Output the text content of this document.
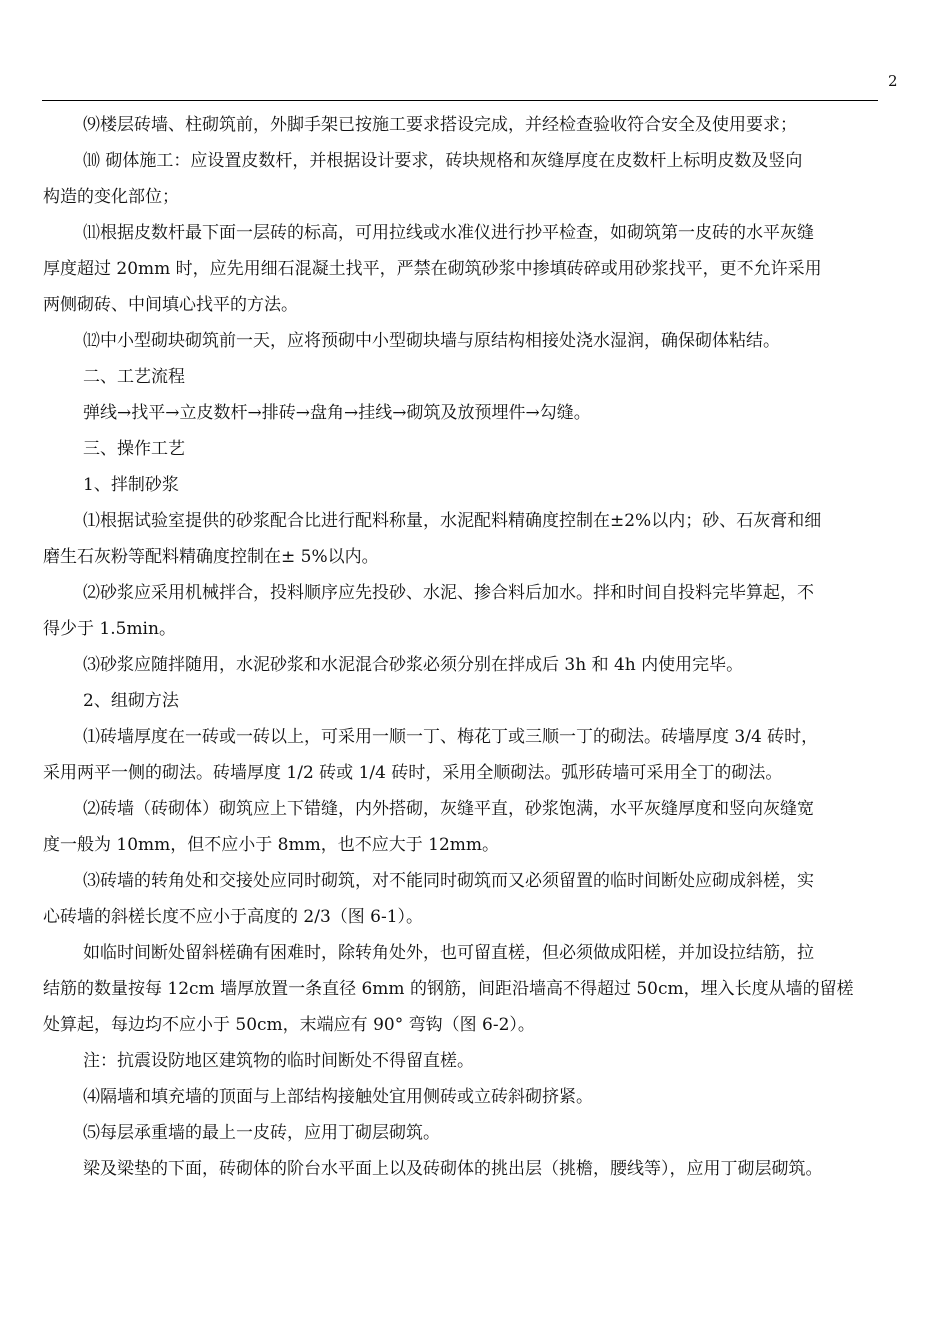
2

⑼楼层砖墙、柱砌筑前，外脚手架已按施工要求搭设完成，并经检查验收符合安全及使用要求；

⑽ 砌体施工：应设置皮数杆，并根据设计要求，砖块规格和灰缝厚度在皮数杆上标明皮数及竖向

构造的变化部位；

⑾根据皮数杆最下面一层砖的标高，可用拉线或水准仪进行抄平检查，如砌筑第一皮砖的水平灰缝

厚度超过 20mm 时，应先用细石混凝土找平，严禁在砌筑砂浆中掺填砖碎或用砂浆找平，更不允许采用

两侧砌砖、中间填心找平的方法。

⑿中小型砌块砌筑前一天，应将预砌中小型砌块墙与原结构相接处浇水湿润，确保砌体粘结。

二、工艺流程

弹线→找平→立皮数杆→排砖→盘角→挂线→砌筑及放预埋件→勾缝。

三、操作工艺

1、拌制砂浆

⑴根据试验室提供的砂浆配合比进行配料称量，水泥配料精确度控制在±2%以内；砂、石灰膏和细

磨生石灰粉等配料精确度控制在± 5%以内。

⑵砂浆应采用机械拌合，投料顺序应先投砂、水泥、掺合料后加水。拌和时间自投料完毕算起，不

得少于 1.5min。

⑶砂浆应随拌随用，水泥砂浆和水泥混合砂浆必须分别在拌成后 3h 和 4h 内使用完毕。

2、组砌方法

⑴砖墙厚度在一砖或一砖以上，可采用一顺一丁、梅花丁或三顺一丁的砌法。砖墙厚度 3/4 砖时，

采用两平一侧的砌法。砖墙厚度 1/2 砖或 1/4 砖时，采用全顺砌法。弧形砖墙可采用全丁的砌法。

⑵砖墙（砖砌体）砌筑应上下错缝，内外搭砌，灰缝平直，砂浆饱满，水平灰缝厚度和竖向灰缝宽

度一般为 10mm，但不应小于 8mm，也不应大于 12mm。

⑶砖墙的转角处和交接处应同时砌筑，对不能同时砌筑而又必须留置的临时间断处应砌成斜槎，实

心砖墙的斜槎长度不应小于高度的 2/3（图 6-1）。

如临时间断处留斜槎确有困难时，除转角处外，也可留直槎，但必须做成阳槎，并加设拉结筋，拉

结筋的数量按每 12cm 墙厚放置一条直径 6mm 的钢筋，间距沿墙高不得超过 50cm，埋入长度从墙的留槎

处算起，每边均不应小于 50cm，末端应有 90° 弯钩（图 6-2）。

注：抗震设防地区建筑物的临时间断处不得留直槎。

⑷隔墙和填充墙的顶面与上部结构接触处宜用侧砖或立砖斜砌挤紧。

⑸每层承重墙的最上一皮砖，应用丁砌层砌筑。

梁及梁垫的下面，砖砌体的阶台水平面上以及砖砌体的挑出层（挑檐，腰线等），应用丁砌层砌筑。
